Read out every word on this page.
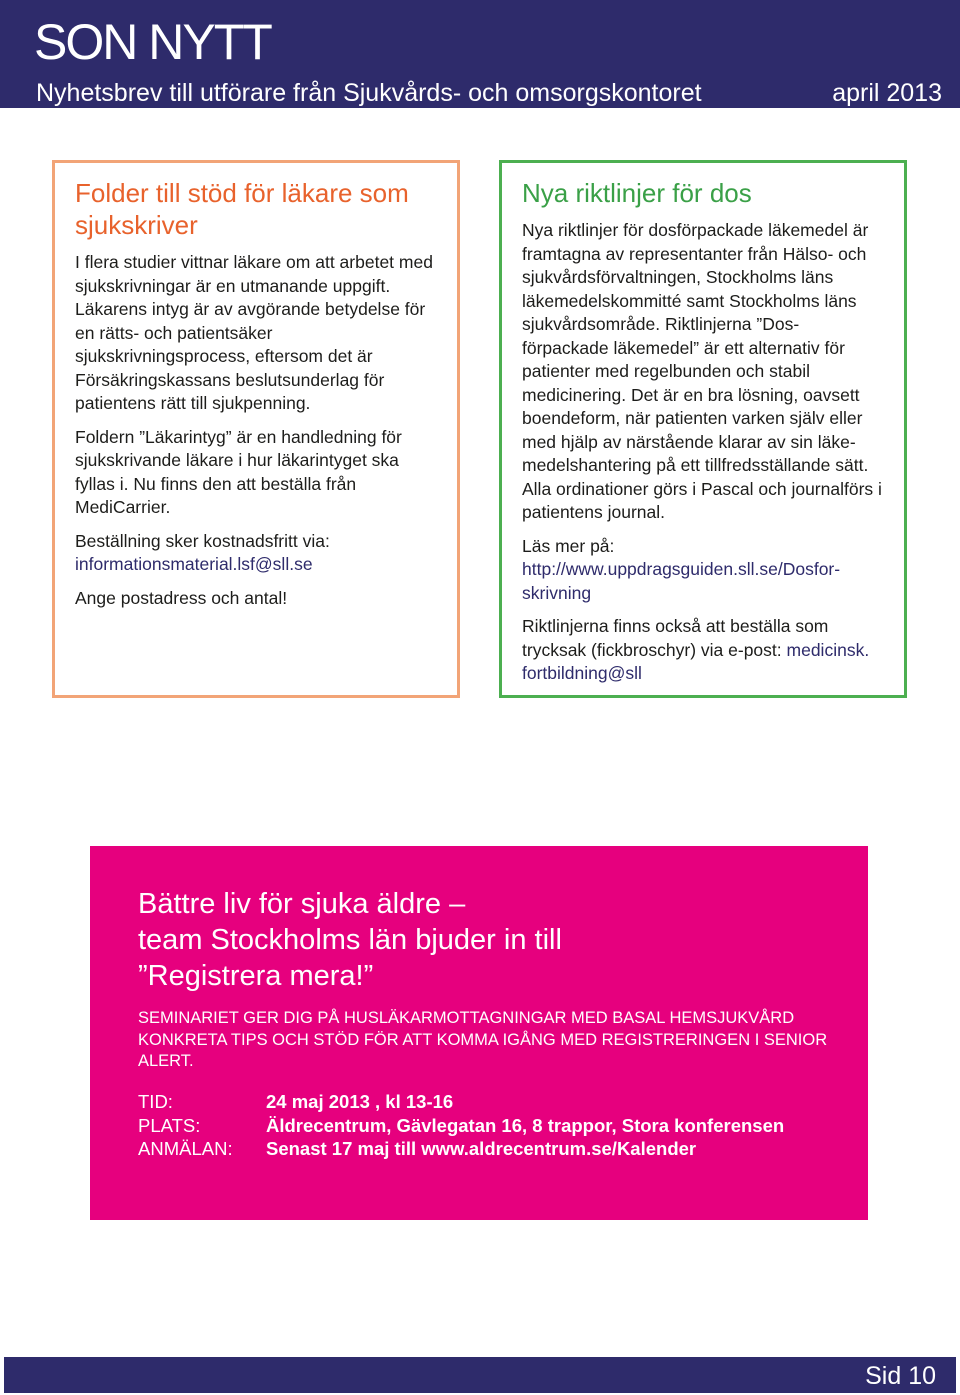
SON NYTT
Nyhetsbrev till utförare från Sjukvårds- och omsorgskontoret	april 2013
Folder till stöd för läkare som sjukskriver

I flera studier vittnar läkare om att arbetet med sjukskrivningar är en utmanande uppgift. Läkarens intyg är av avgörande betydelse för en rätts- och patientsäker sjukskrivningsprocess, eftersom det är Försäkringskassans beslutsunderlag för patientens rätt till sjukpenning.

Foldern ”Läkarintyg” är en handledning för sjukskrivande läkare i hur läkarintyget ska fyllas i. Nu finns den att beställa från MediCarrier.

Beställning sker kostnadsfritt via:
informationsmaterial.lsf@sll.se

Ange postadress och antal!

Nya riktlinjer för dos

Nya riktlinjer för dosförpackade läkemedel är framtagna av representanter från Hälso- och sjukvårdsförvaltningen, Stockholms läns läkemedelskommitté samt Stockholms läns sjukvårdsområde. Riktlinjerna ”Dos- förpackade läkemedel” är ett alternativ för patienter med regelbunden och stabil medicinering. Det är en bra lösning, oavsett boendeform, när patienten varken själv eller med hjälp av närstående klarar av sin läke-medelshantering på ett tillfredsställande sätt. Alla ordinationer görs i Pascal och journalförs i patientens journal.

Läs mer på:
http://www.uppdragsguiden.sll.se/Dosfor-skrivning

Riktlinjerna finns också att beställa som trycksak (fickbroschyr) via e-post: medicinsk. fortbildning@sll

Bättre liv för sjuka äldre –
team Stockholms län bjuder in till
”Registrera mera!”
SEMINARIET GER DIG PÅ HUSLÄKARMOTTAGNINGAR MED BASAL HEMSJUKVÅRD KONKRETA TIPS OCH STÖD FÖR ATT KOMMA IGÅNG MED REGISTRERINGEN I SENIOR ALERT.
TID:	24 maj 2013 , kl 13-16
PLATS:	Äldrecentrum, Gävlegatan 16, 8 trappor, Stora konferensen
ANMÄLAN:	Senast 17 maj till www.aldrecentrum.se/Kalender
Sid 10
